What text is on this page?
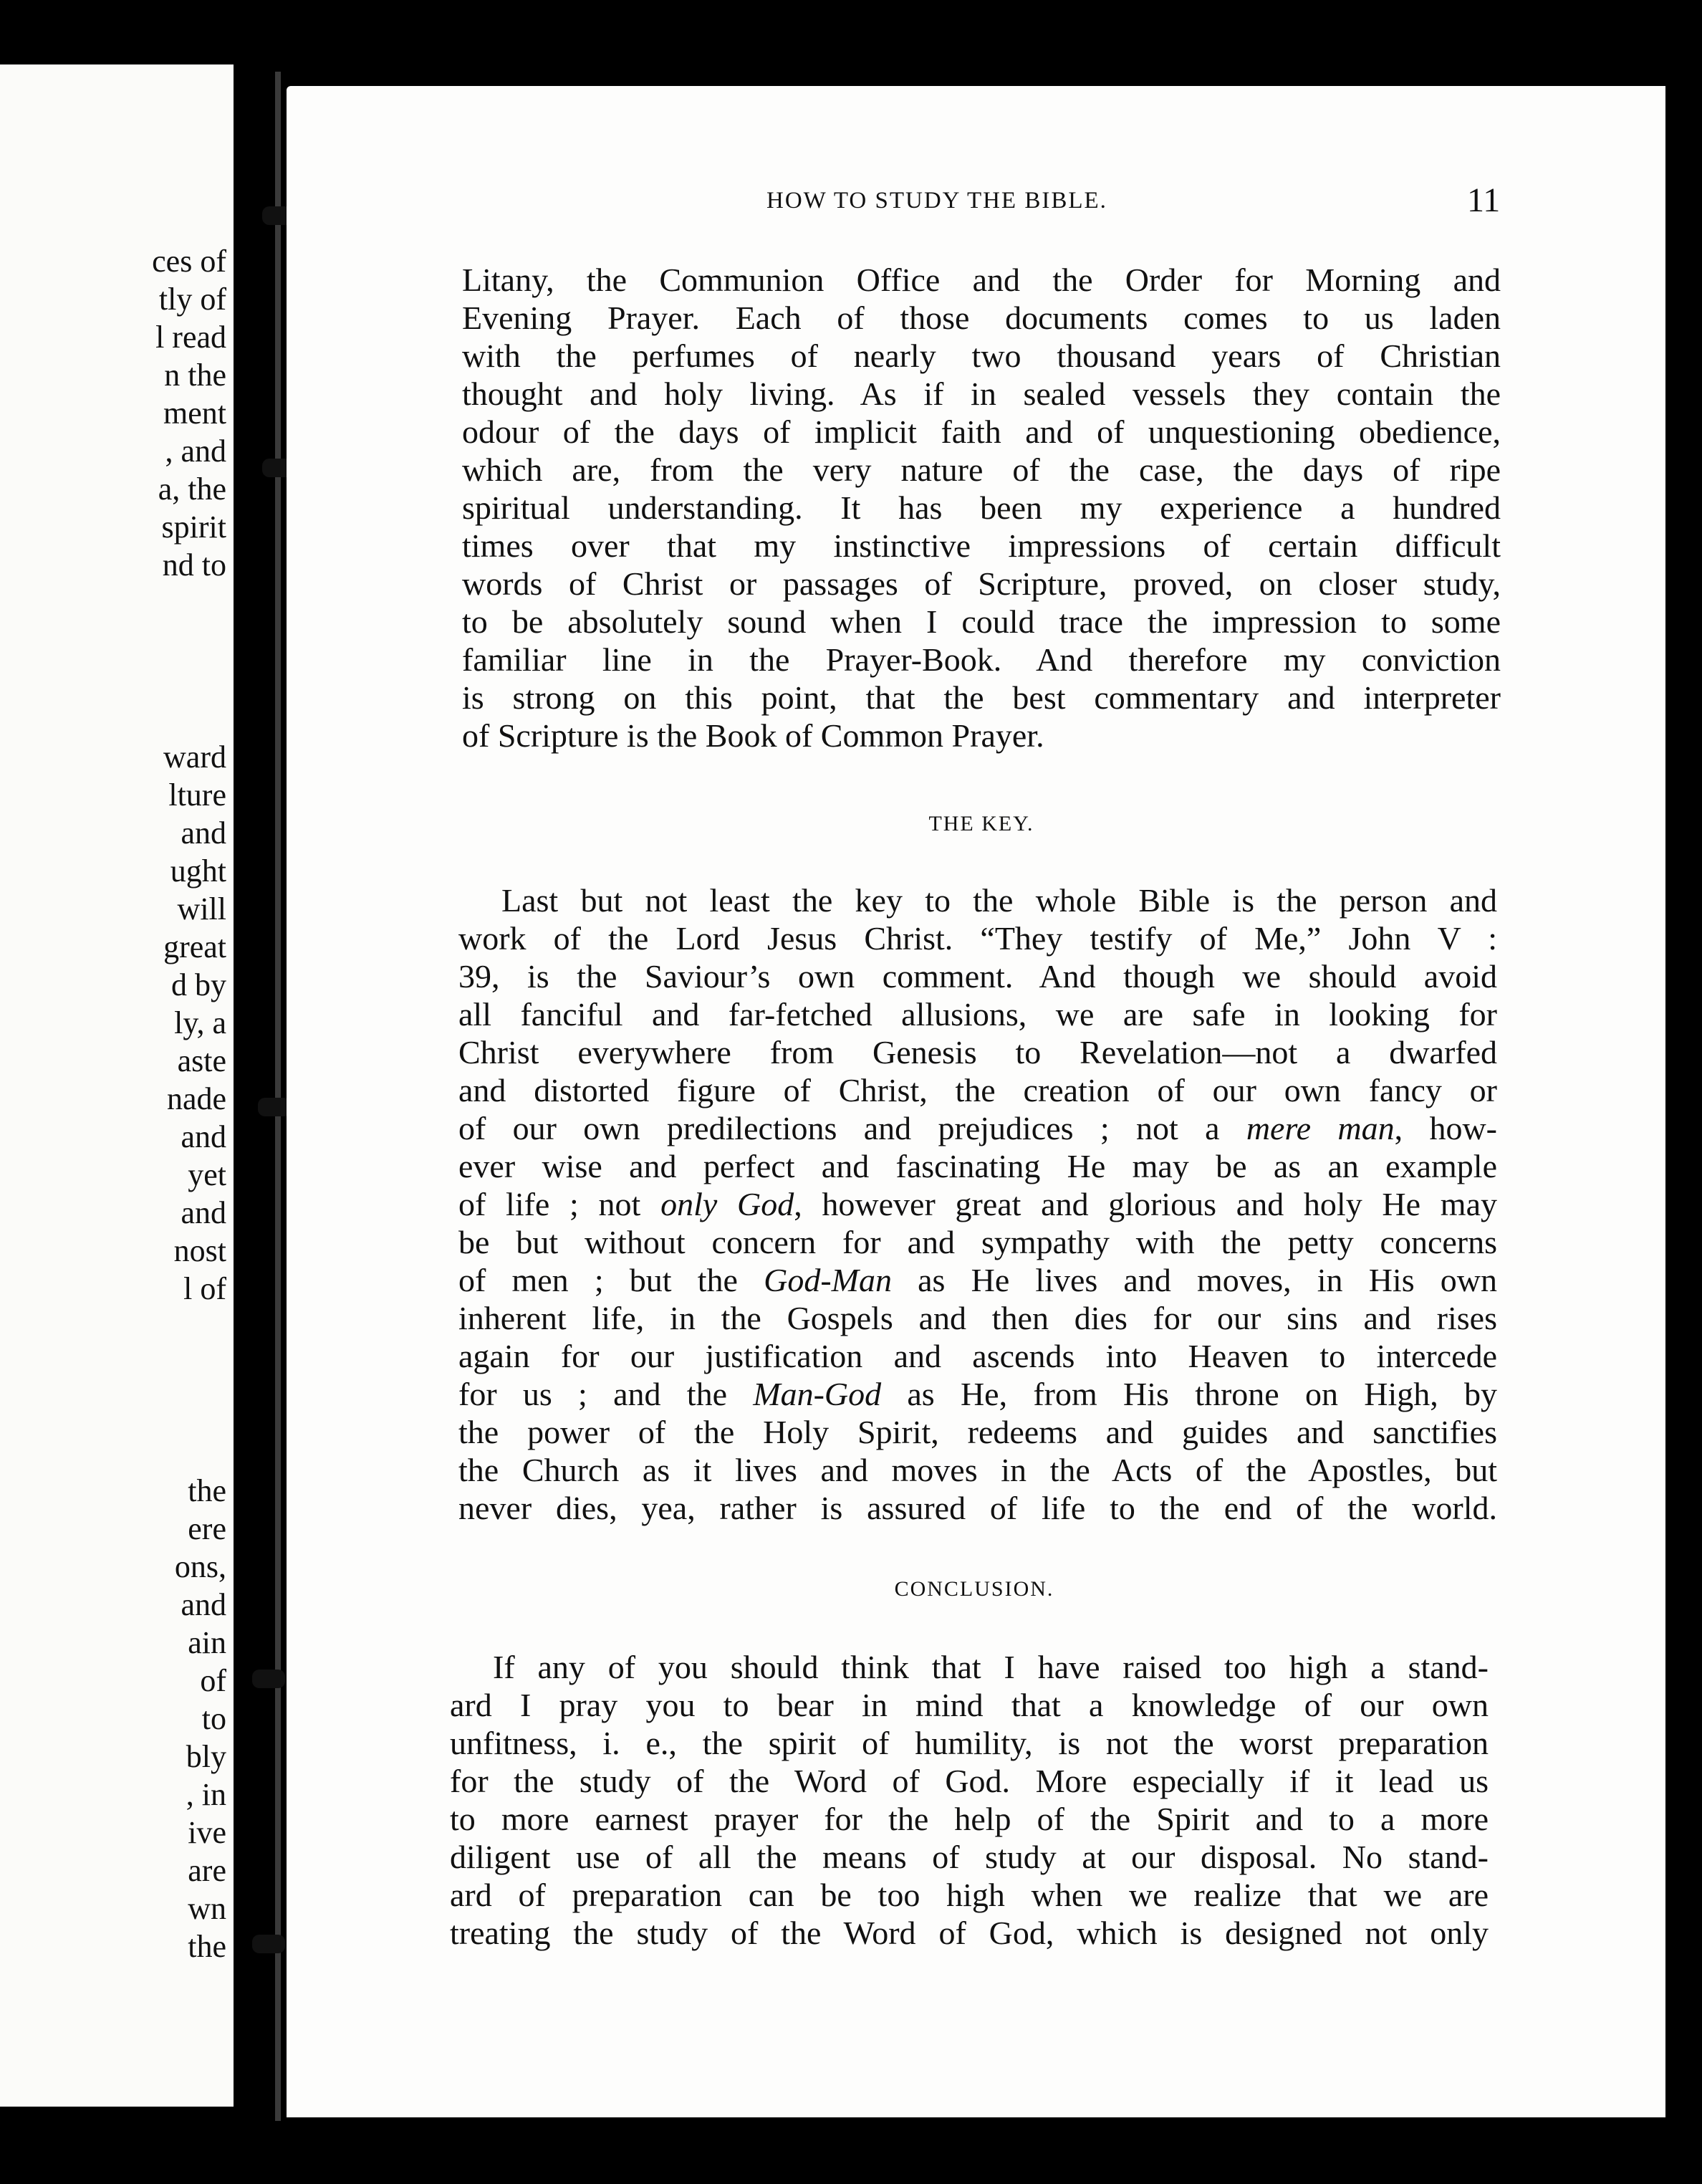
ces of
tly of
l read
n the
ment
, and
a, the
spirit
nd to
ward
lture
and
ught
will
great
d by
ly, a
aste
nade
and
yet
and
nost
l of
the
ere
ons,
and
ain
of
to
bly
, in
ive
are
wn
the
HOW TO STUDY THE BIBLE.	11
Litany, the Communion Office and the Order for Morning and
Evening Prayer. Each of those documents comes to us laden
with the perfumes of nearly two thousand years of Christian
thought and holy living. As if in sealed vessels they contain the
odour of the days of implicit faith and of unquestioning obedience,
which are, from the very nature of the case, the days of ripe
spiritual understanding. It has been my experience a hundred
times over that my instinctive impressions of certain difficult
words of Christ or passages of Scripture, proved, on closer study,
to be absolutely sound when I could trace the impression to some
familiar line in the Prayer-Book. And therefore my conviction
is strong on this point, that the best commentary and interpreter
of Scripture is the Book of Common Prayer.
THE KEY.
Last but not least the key to the whole Bible is the person and
work of the Lord Jesus Christ. “They testify of Me,” John V :
39, is the Saviour’s own comment. And though we should avoid
all fanciful and far-fetched allusions, we are safe in looking for
Christ everywhere from Genesis to Revelation—not a dwarfed
and distorted figure of Christ, the creation of our own fancy or
of our own predilections and prejudices ; not a mere man, how-
ever wise and perfect and fascinating He may be as an example
of life ; not only God, however great and glorious and holy He may
be but without concern for and sympathy with the petty concerns
of men ; but the God-Man as He lives and moves, in His own
inherent life, in the Gospels and then dies for our sins and rises
again for our justification and ascends into Heaven to intercede
for us ; and the Man-God as He, from His throne on High, by
the power of the Holy Spirit, redeems and guides and sanctifies
the Church as it lives and moves in the Acts of the Apostles, but
never dies, yea, rather is assured of life to the end of the world.
CONCLUSION.
If any of you should think that I have raised too high a stand-
ard I pray you to bear in mind that a knowledge of our own
unfitness, i. e., the spirit of humility, is not the worst preparation
for the study of the Word of God. More especially if it lead us
to more earnest prayer for the help of the Spirit and to a more
diligent use of all the means of study at our disposal. No stand-
ard of preparation can be too high when we realize that we are
treating the study of the Word of God, which is designed not only
